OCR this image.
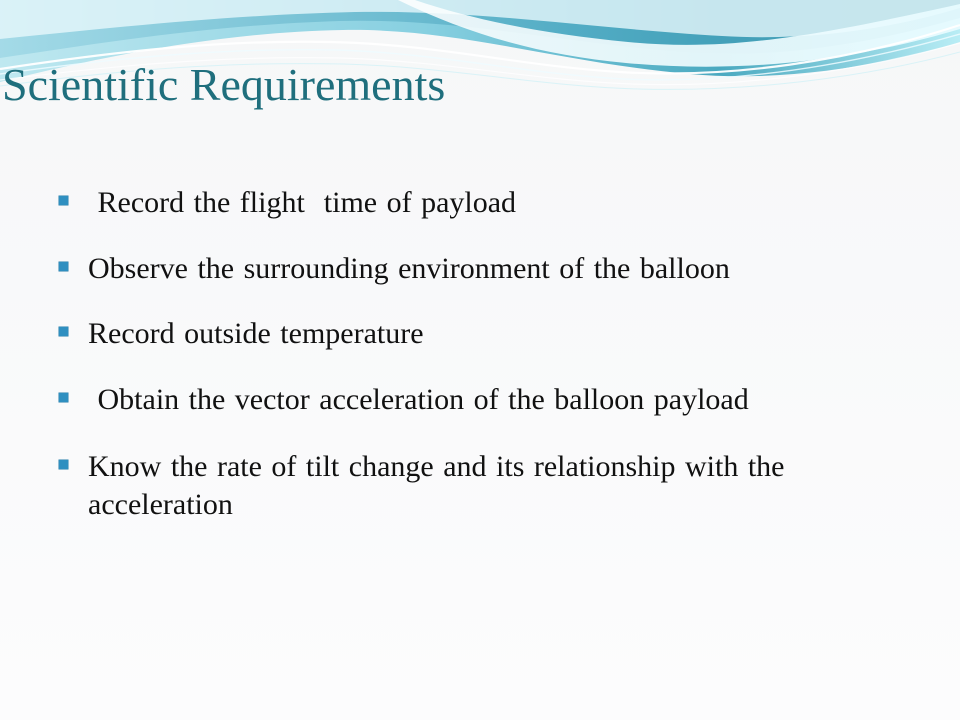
Scientific Requirements
Record the flight  time of payload
Observe the surrounding environment of the balloon
Record outside temperature
Obtain the vector acceleration of the balloon payload
Know the rate of tilt change and its relationship with the acceleration
